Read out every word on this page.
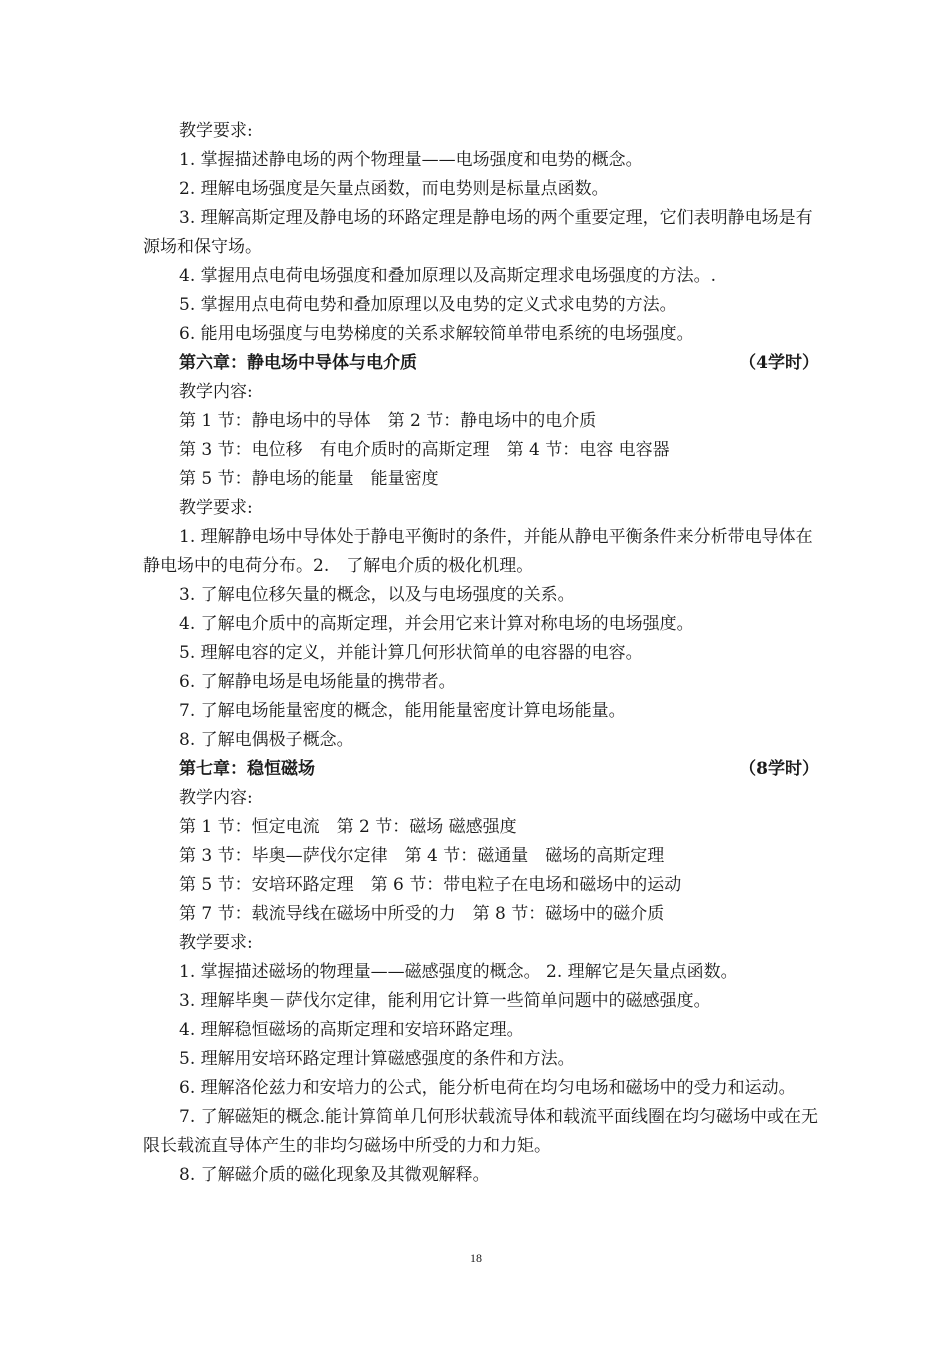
教学要求:
1. 掌握描述静电场的两个物理量——电场强度和电势的概念。
2. 理解电场强度是矢量点函数，而电势则是标量点函数。
3. 理解高斯定理及静电场的环路定理是静电场的两个重要定理，它们表明静电场是有源场和保守场。
4. 掌握用点电荷电场强度和叠加原理以及高斯定理求电场强度的方法。.
5. 掌握用点电荷电势和叠加原理以及电势的定义式求电势的方法。
6. 能用电场强度与电势梯度的关系求解较简单带电系统的电场强度。
第六章：静电场中导体与电介质	（4学时）
教学内容:
第 1 节：静电场中的导体　第 2 节：静电场中的电介质
第 3 节：电位移　有电介质时的高斯定理　第 4 节：电容 电容器
第 5 节：静电场的能量　能量密度
教学要求:
1. 理解静电场中导体处于静电平衡时的条件，并能从静电平衡条件来分析带电导体在静电场中的电荷分布。2.　了解电介质的极化机理。
3. 了解电位移矢量的概念，以及与电场强度的关系。
4. 了解电介质中的高斯定理，并会用它来计算对称电场的电场强度。
5. 理解电容的定义，并能计算几何形状简单的电容器的电容。
6. 了解静电场是电场能量的携带者。
7. 了解电场能量密度的概念，能用能量密度计算电场能量。
8. 了解电偶极子概念。
第七章：稳恒磁场	（8学时）
教学内容:
第 1 节：恒定电流　第 2 节：磁场 磁感强度
第 3 节：毕奥—萨伐尔定律　第 4 节：磁通量　磁场的高斯定理
第 5 节：安培环路定理　第 6 节：带电粒子在电场和磁场中的运动
第 7 节：载流导线在磁场中所受的力　第 8 节：磁场中的磁介质
教学要求:
1. 掌握描述磁场的物理量——磁感强度的概念。 2. 理解它是矢量点函数。
3. 理解毕奥－萨伐尔定律，能利用它计算一些简单问题中的磁感强度。
4. 理解稳恒磁场的高斯定理和安培环路定理。
5. 理解用安培环路定理计算磁感强度的条件和方法。
6. 理解洛伦兹力和安培力的公式，能分析电荷在均匀电场和磁场中的受力和运动。
7. 了解磁矩的概念.能计算简单几何形状载流导体和载流平面线圈在均匀磁场中或在无限长载流直导体产生的非均匀磁场中所受的力和力矩。
8. 了解磁介质的磁化现象及其微观解释。
18
